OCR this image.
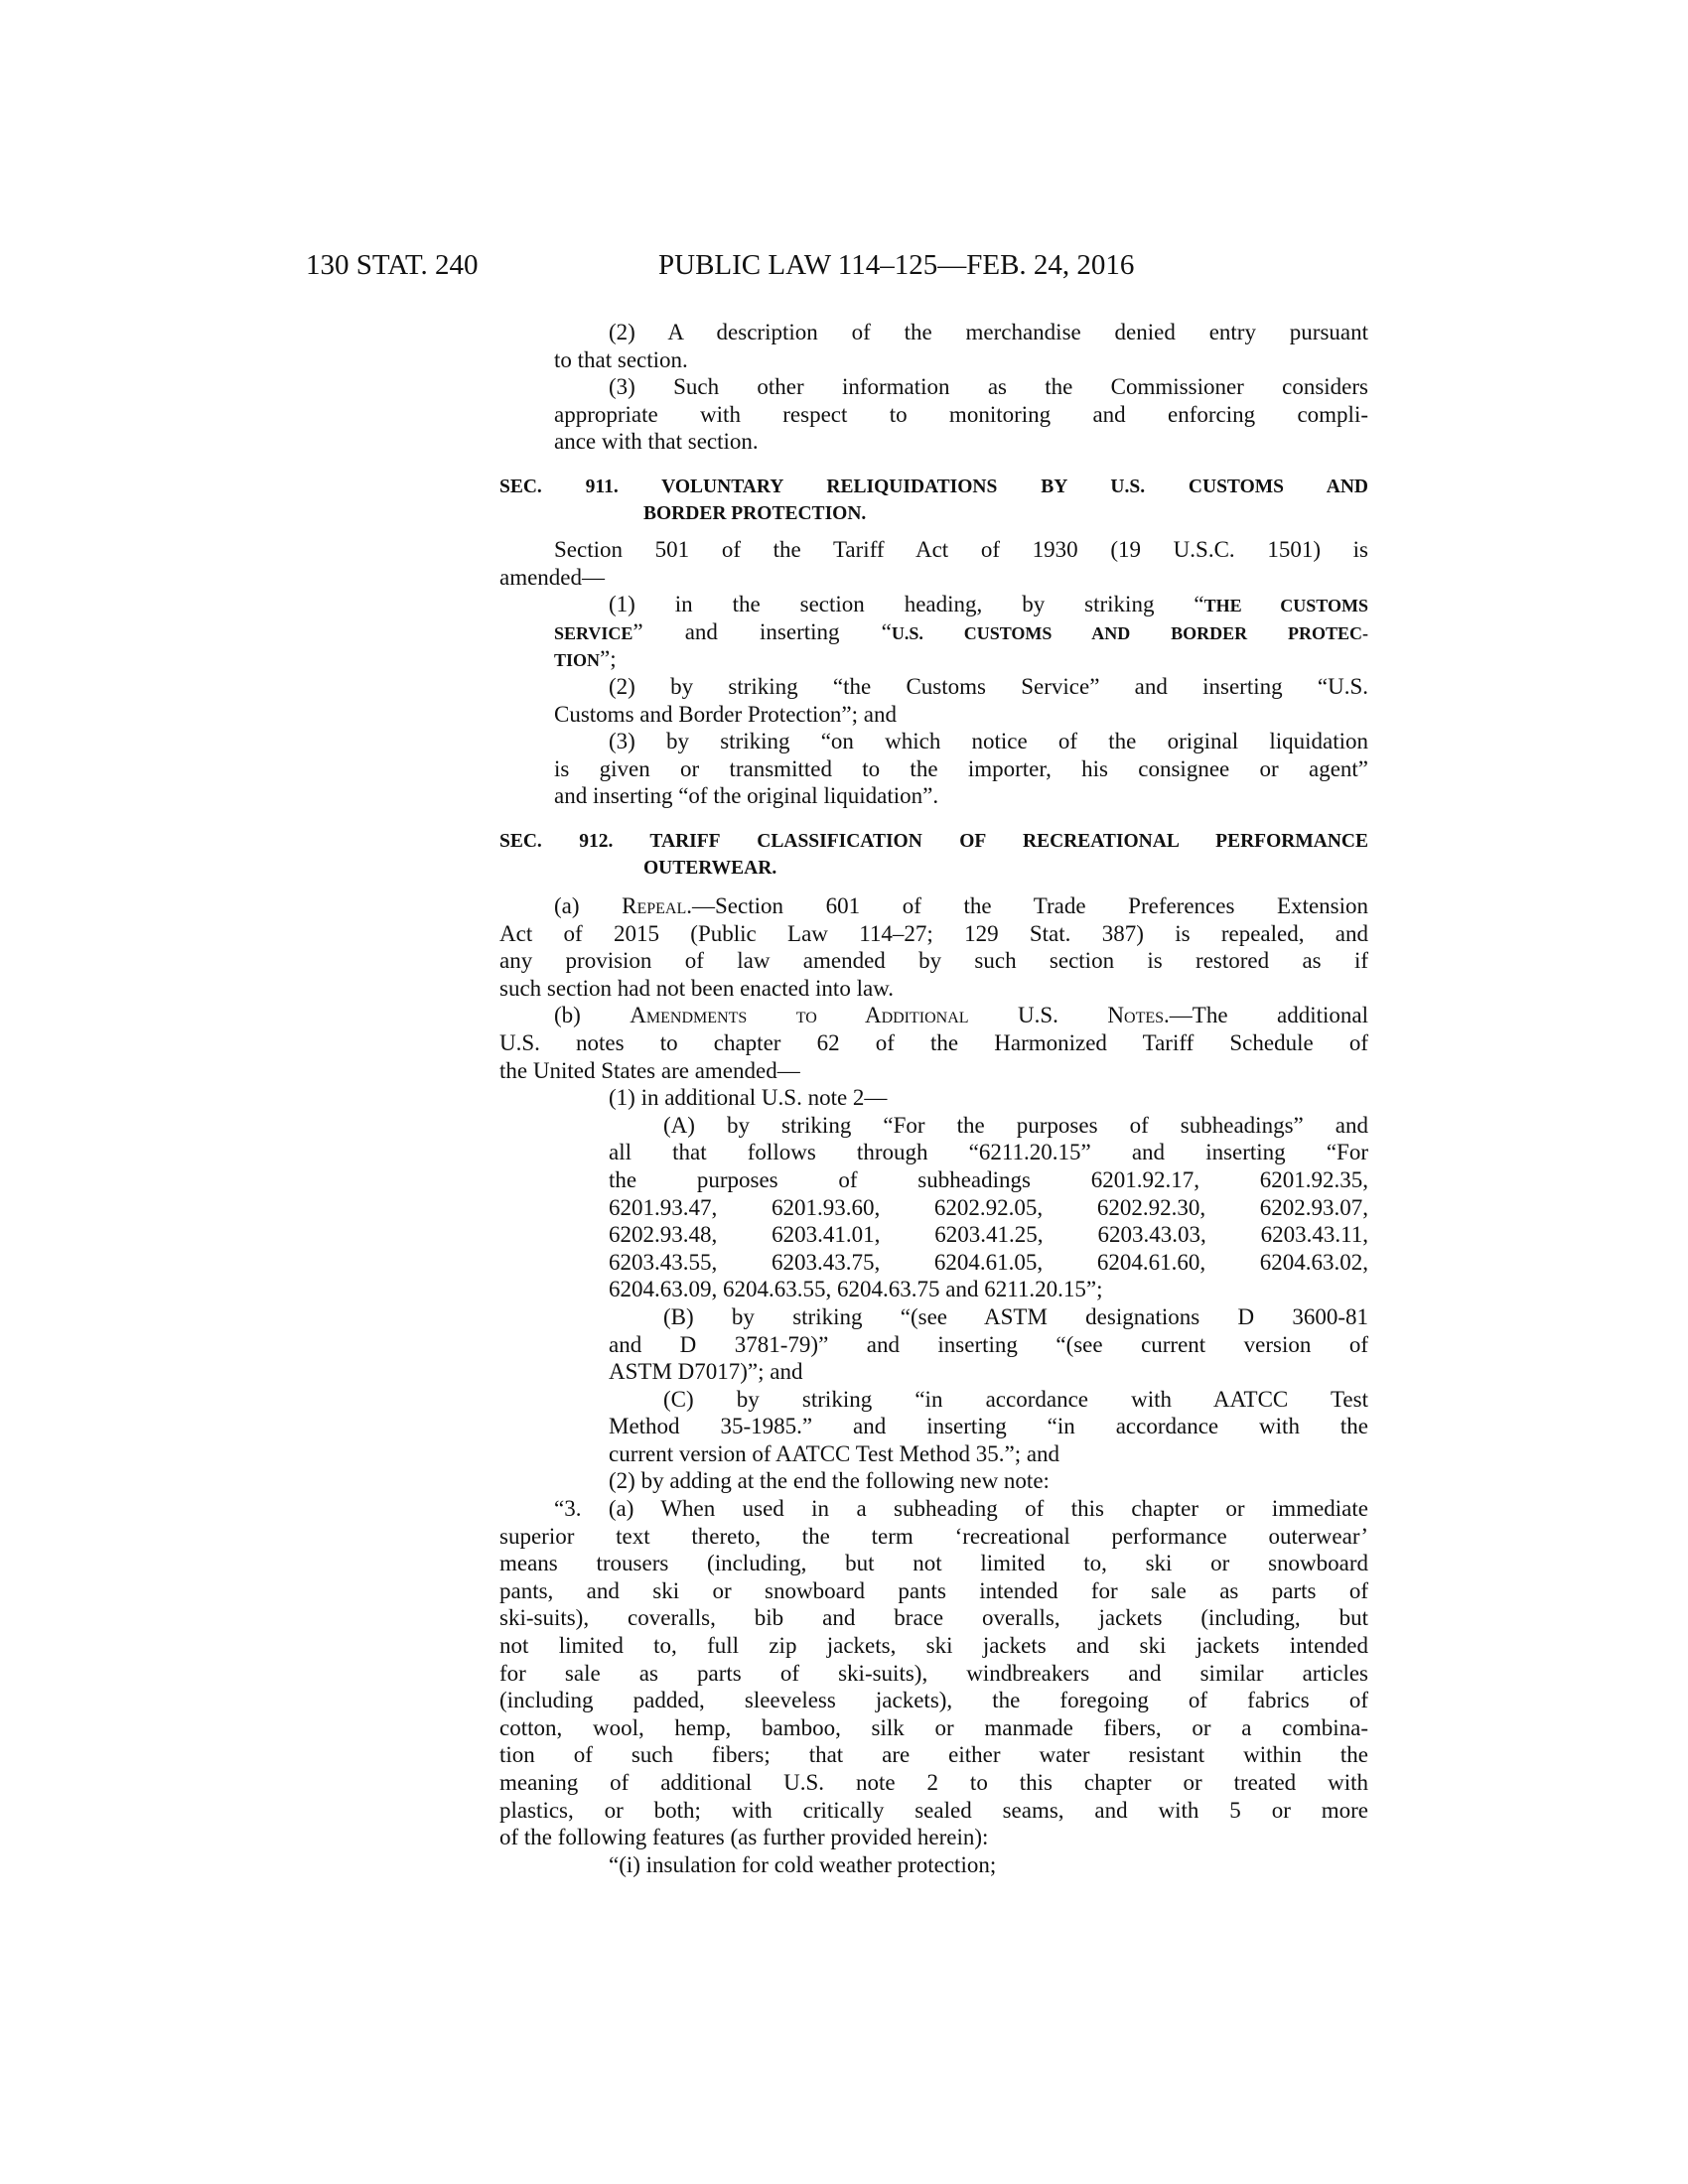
130 STAT. 240	PUBLIC LAW 114–125—FEB. 24, 2016
(2) A description of the merchandise denied entry pursuant
to that section.
(3) Such other information as the Commissioner considers
appropriate with respect to monitoring and enforcing compli-
ance with that section.
SEC. 911. VOLUNTARY RELIQUIDATIONS BY U.S. CUSTOMS AND
BORDER PROTECTION.
Section 501 of the Tariff Act of 1930 (19 U.S.C. 1501) is
amended—
(1) in the section heading, by striking “THE CUSTOMS
SERVICE” and inserting “U.S. CUSTOMS AND BORDER PROTEC-
TION”;
(2) by striking “the Customs Service” and inserting “U.S.
Customs and Border Protection”; and
(3) by striking “on which notice of the original liquidation
is given or transmitted to the importer, his consignee or agent”
and inserting “of the original liquidation”.
SEC. 912. TARIFF CLASSIFICATION OF RECREATIONAL PERFORMANCE
OUTERWEAR.
(a) Repeal.—Section 601 of the Trade Preferences Extension
Act of 2015 (Public Law 114–27; 129 Stat. 387) is repealed, and
any provision of law amended by such section is restored as if
such section had not been enacted into law.
(b) Amendments to Additional U.S. Notes.—The additional
U.S. notes to chapter 62 of the Harmonized Tariff Schedule of
the United States are amended—
(1) in additional U.S. note 2—
(A) by striking “For the purposes of subheadings” and
all that follows through “6211.20.15” and inserting “For
the purposes of subheadings 6201.92.17, 6201.92.35,
6201.93.47, 6201.93.60, 6202.92.05, 6202.92.30, 6202.93.07,
6202.93.48, 6203.41.01, 6203.41.25, 6203.43.03, 6203.43.11,
6203.43.55, 6203.43.75, 6204.61.05, 6204.61.60, 6204.63.02,
6204.63.09, 6204.63.55, 6204.63.75 and 6211.20.15”;
(B) by striking “(see ASTM designations D 3600-81
and D 3781-79)” and inserting “(see current version of
ASTM D7017)”; and
(C) by striking “in accordance with AATCC Test
Method 35-1985.” and inserting “in accordance with the
current version of AATCC Test Method 35.”; and
(2) by adding at the end the following new note:
“3. (a) When used in a subheading of this chapter or immediate
superior text thereto, the term ‘recreational performance outerwear’
means trousers (including, but not limited to, ski or snowboard
pants, and ski or snowboard pants intended for sale as parts of
ski-suits), coveralls, bib and brace overalls, jackets (including, but
not limited to, full zip jackets, ski jackets and ski jackets intended
for sale as parts of ski-suits), windbreakers and similar articles
(including padded, sleeveless jackets), the foregoing of fabrics of
cotton, wool, hemp, bamboo, silk or manmade fibers, or a combina-
tion of such fibers; that are either water resistant within the
meaning of additional U.S. note 2 to this chapter or treated with
plastics, or both; with critically sealed seams, and with 5 or more
of the following features (as further provided herein):
“(i) insulation for cold weather protection;
